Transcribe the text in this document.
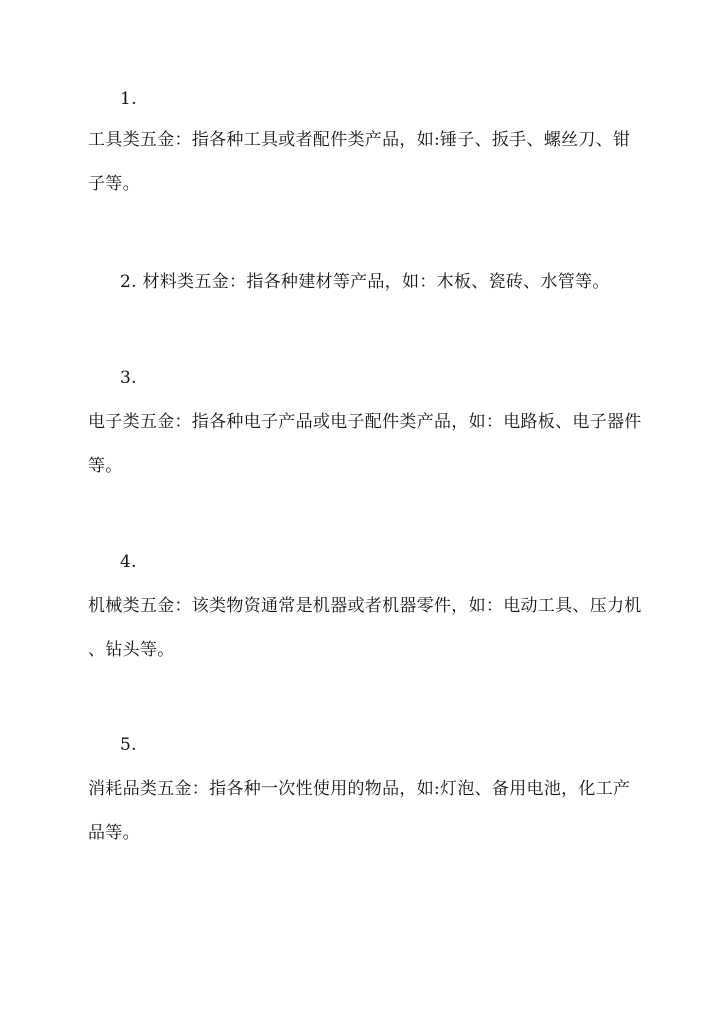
1.
工具类五金：指各种工具或者配件类产品，如:锤子、扳手、螺丝刀、钳
子等。
2. 材料类五金：指各种建材等产品，如：木板、瓷砖、水管等。
3.
电子类五金：指各种电子产品或电子配件类产品，如：电路板、电子器件
等。
4.
机械类五金：该类物资通常是机器或者机器零件，如：电动工具、压力机
、钻头等。
5.
消耗品类五金：指各种一次性使用的物品，如:灯泡、备用电池，化工产
品等。
